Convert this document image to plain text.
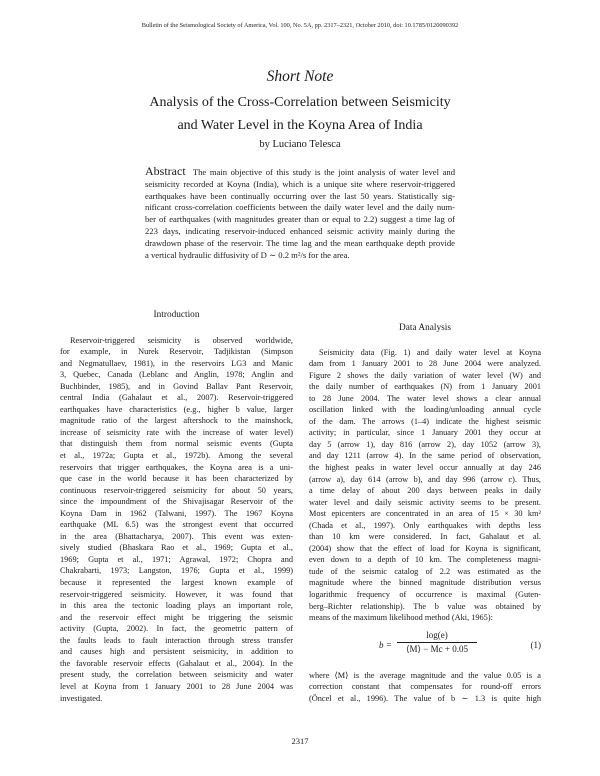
Bulletin of the Seismological Society of America, Vol. 100, No. 5A, pp. 2317–2321, October 2010, doi: 10.1785/0120090392
Short Note
Analysis of the Cross-Correlation between Seismicity
and Water Level in the Koyna Area of India
by Luciano Telesca
Abstract The main objective of this study is the joint analysis of water level and
seismicity recorded at Koyna (India), which is a unique site where reservoir-triggered
earthquakes have been continually occurring over the last 50 years. Statistically sig-
nificant cross-correlation coefficients between the daily water level and the daily num-
ber of earthquakes (with magnitudes greater than or equal to 2.2) suggest a time lag of
223 days, indicating reservoir-induced enhanced seismic activity mainly during the
drawdown phase of the reservoir. The time lag and the mean earthquake depth provide
a vertical hydraulic diffusivity of D ∼ 0.2 m²/s for the area.
Introduction
Reservoir-triggered seismicity is observed worldwide,
for example, in Nurek Reservoir, Tadjikistan (Simpson
and Negmatullaev, 1981), in the reservoirs LG3 and Manic
3, Quebec, Canada (Leblanc and Anglin, 1978; Anglin and
Buchbinder, 1985), and in Govind Ballav Pant Reservoir,
central India (Gahalaut et al., 2007). Reservoir-triggered
earthquakes have characteristics (e.g., higher b value, larger
magnitude ratio of the largest aftershock to the mainshock,
increase of seismicity rate with the increase of water level)
that distinguish them from normal seismic events (Gupta
et al., 1972a; Gupta et al., 1972b). Among the several
reservoirs that trigger earthquakes, the Koyna area is a uni-
que case in the world because it has been characterized by
continuous reservoir-triggered seismicity for about 50 years,
since the impoundment of the Shivajisagar Reservoir of the
Koyna Dam in 1962 (Talwani, 1997). The 1967 Koyna
earthquake (ML 6.5) was the strongest event that occurred
in the area (Bhattacharya, 2007). This event was exten-
sively studied (Bhaskara Rao et al., 1969; Gupta et al.,
1969; Gupta et al., 1971; Agrawal, 1972; Chopra and
Chakrabarti, 1973; Langston, 1976; Gupta et al., 1999)
because it represented the largest known example of
reservoir-triggered seismicity. However, it was found that
in this area the tectonic loading plays an important role,
and the reservoir effect might be triggering the seismic
activity (Gupta, 2002). In fact, the geometric pattern of
the faults leads to fault interaction through stress transfer
and causes high and persistent seismicity, in addition to
the favorable reservoir effects (Gahalaut et al., 2004). In the
present study, the correlation between seismicity and water
level at Koyna from 1 January 2001 to 28 June 2004 was
investigated.
Data Analysis
Seismicity data (Fig. 1) and daily water level at Koyna
dam from 1 January 2001 to 28 June 2004 were analyzed.
Figure 2 shows the daily variation of water level (W) and
the daily number of earthquakes (N) from 1 January 2001
to 28 June 2004. The water level shows a clear annual
oscillation linked with the loading/unloading annual cycle
of the dam. The arrows (1–4) indicate the highest seismic
activity; in particular, since 1 January 2001 they occur at
day 5 (arrow 1), day 816 (arrow 2), day 1052 (arrow 3),
and day 1211 (arrow 4). In the same period of observation,
the highest peaks in water level occur annually at day 246
(arrow a), day 614 (arrow b), and day 996 (arrow c). Thus,
a time delay of about 200 days between peaks in daily
water level and daily seismic activity seems to be present.
Most epicenters are concentrated in an area of 15 × 30 km²
(Chada et al., 1997). Only earthquakes with depths less
than 10 km were considered. In fact, Gahalaut et al.
(2004) show that the effect of load for Koyna is significant,
even down to a depth of 10 km. The completeness magni-
tude of the seismic catalog of 2.2 was estimated as the
magnitude where the binned magnitude distribution versus
logarithmic frequency of occurrence is maximal (Guten-
berg–Richter relationship). The b value was obtained by
means of the maximum likelihood method (Aki, 1965):
$b = \frac{\log(e)}{⟨M⟩ - Mc + 0.05}$	(1)
where ⟨M⟩ is the average magnitude and the value 0.05 is a
correction constant that compensates for round-off errors
(Öncel et al., 1996). The value of b ∼ 1.3 is quite high
2317
